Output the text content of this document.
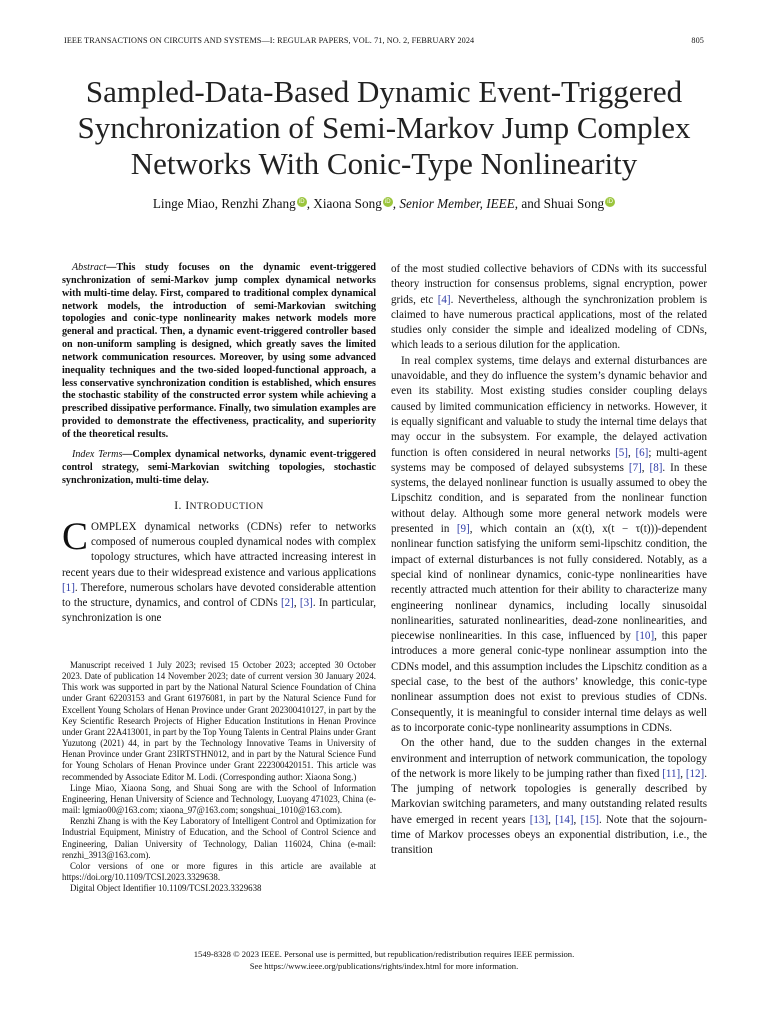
IEEE TRANSACTIONS ON CIRCUITS AND SYSTEMS—I: REGULAR PAPERS, VOL. 71, NO. 2, FEBRUARY 2024	805
Sampled-Data-Based Dynamic Event-Triggered
Synchronization of Semi-Markov Jump Complex
Networks With Conic-Type Nonlinearity
Linge Miao, Renzhi Zhang iD , Xiaona Song iD , Senior Member, IEEE, and Shuai Song iD

Abstract—This study focuses on the dynamic event-triggered synchronization of semi-Markov jump complex dynamical networks with multi-time delay. First, compared to traditional complex dynamical network models, the introduction of semi-Markovian switching topologies and conic-type nonlinearity makes network models more general and practical. Then, a dynamic event-triggered controller based on non-uniform sampling is designed, which greatly saves the limited network communication resources. Moreover, by using some advanced inequality techniques and the two-sided looped-functional approach, a less conservative synchronization condition is established, which ensures the stochastic stability of the constructed error system while achieving a prescribed dissipative performance. Finally, two simulation examples are provided to demonstrate the effectiveness, practicality, and superiority of the theoretical results.

Index Terms—Complex dynamical networks, dynamic event-triggered control strategy, semi-Markovian switching topologies, stochastic synchronization, multi-time delay.

I. INTRODUCTION

COMPLEX dynamical networks (CDNs) refer to networks composed of numerous coupled dynamical nodes with complex topology structures, which have attracted increasing interest in recent years due to their widespread existence and various applications [1]. Therefore, numerous scholars have devoted considerable attention to the structure, dynamics, and control of CDNs [2], [3]. In particular, synchronization is one

Manuscript received 1 July 2023; revised 15 October 2023; accepted 30 October 2023. Date of publication 14 November 2023; date of current version 30 January 2024. This work was supported in part by the National Natural Science Foundation of China under Grant 62203153 and Grant 61976081, in part by the Natural Science Fund for Excellent Young Scholars of Henan Province under Grant 202300410127, in part by the Key Scientific Research Projects of Higher Education Institutions in Henan Province under Grant 22A413001, in part by the Top Young Talents in Central Plains under Grant Yuzutong (2021) 44, in part by the Technology Innovative Teams in University of Henan Province under Grant 23IRTSTHN012, and in part by the Natural Science Fund for Young Scholars of Henan Province under Grant 222300420151. This article was recommended by Associate Editor M. Lodi. (Corresponding author: Xiaona Song.)

Linge Miao, Xiaona Song, and Shuai Song are with the School of Information Engineering, Henan University of Science and Technology, Luoyang 471023, China (e-mail: lgmiao00@163.com; xiaona_97@163.com; songshuai_1010@163.com).

Renzhi Zhang is with the Key Laboratory of Intelligent Control and Optimization for Industrial Equipment, Ministry of Education, and the School of Control Science and Engineering, Dalian University of Technology, Dalian 116024, China (e-mail: renzhi_3913@163.com).

Color versions of one or more figures in this article are available at https://doi.org/10.1109/TCSI.2023.3329638.

Digital Object Identifier 10.1109/TCSI.2023.3329638

of the most studied collective behaviors of CDNs with its successful theory instruction for consensus problems, signal encryption, power grids, etc [4]. Nevertheless, although the synchronization problem is claimed to have numerous practical applications, most of the related studies only consider the simple and idealized modeling of CDNs, which leads to a serious dilution for the application.

In real complex systems, time delays and external disturbances are unavoidable, and they do influence the system’s dynamic behavior and even its stability. Most existing studies consider coupling delays caused by limited communication efficiency in networks. However, it is equally significant and valuable to study the internal time delays that may occur in the subsystem. For example, the delayed activation function is often considered in neural networks [5], [6]; multi-agent systems may be composed of delayed subsystems [7], [8]. In these systems, the delayed nonlinear function is usually assumed to obey the Lipschitz condition, and is separated from the nonlinear function without delay. Although some more general network models were presented in [9], which contain an (x(t), x(t − τ(t)))-dependent nonlinear function satisfying the uniform semi-lipschitz condition, the impact of external disturbances is not fully considered. Notably, as a special kind of nonlinear dynamics, conic-type nonlinearities have recently attracted much attention for their ability to characterize many engineering nonlinear dynamics, including locally sinusoidal nonlinearities, saturated nonlinearities, dead-zone nonlinearities, and piecewise nonlinearities. In this case, influenced by [10], this paper introduces a more general conic-type nonlinear assumption into the CDNs model, and this assumption includes the Lipschitz condition as a special case, to the best of the authors’ knowledge, this conic-type nonlinear assumption does not exist to previous studies of CDNs. Consequently, it is meaningful to consider internal time delays as well as to incorporate conic-type nonlinearity assumptions in CDNs.

On the other hand, due to the sudden changes in the external environment and interruption of network communication, the topology of the network is more likely to be jumping rather than fixed [11], [12]. The jumping of network topologies is generally described by Markovian switching parameters, and many outstanding related results have emerged in recent years [13], [14], [15]. Note that the sojourn-time of Markov processes obeys an exponential distribution, i.e., the transition

1549-8328 © 2023 IEEE. Personal use is permitted, but republication/redistribution requires IEEE permission.
See https://www.ieee.org/publications/rights/index.html for more information.
